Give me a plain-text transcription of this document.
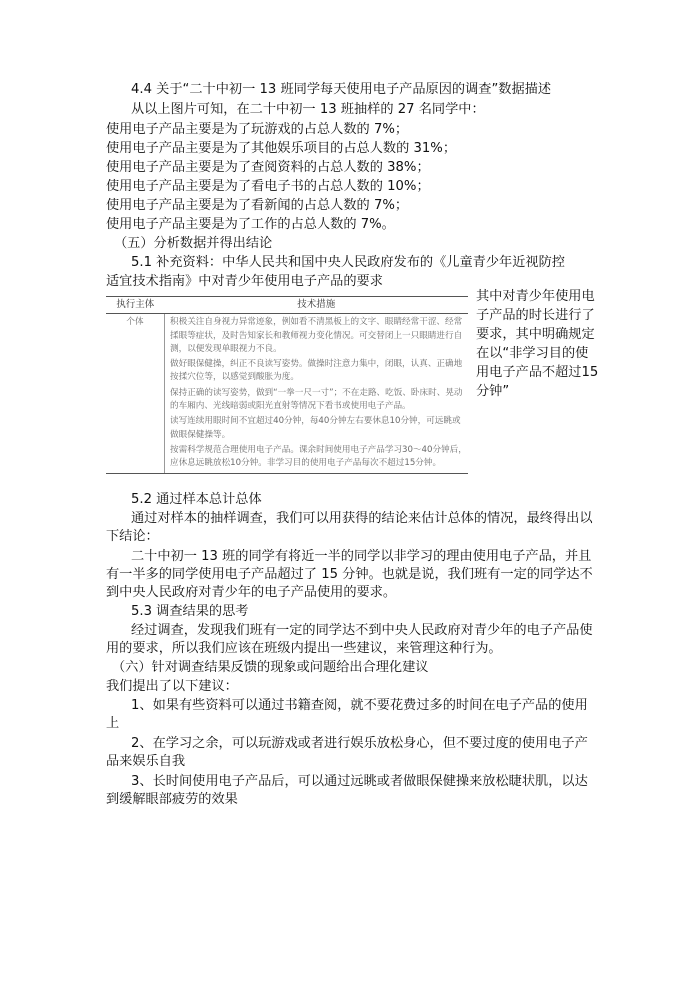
4.4 关于“二十中初一 13 班同学每天使用电子产品原因的调查”数据描述
从以上图片可知，在二十中初一 13 班抽样的 27 名同学中：
使用电子产品主要是为了玩游戏的占总人数的 7%；
使用电子产品主要是为了其他娱乐项目的占总人数的 31%；
使用电子产品主要是为了查阅资料的占总人数的 38%；
使用电子产品主要是为了看电子书的占总人数的 10%；
使用电子产品主要是为了看新闻的占总人数的 7%；
使用电子产品主要是为了工作的占总人数的 7%。
（五）分析数据并得出结论
5.1 补充资料：中华人民共和国中央人民政府发布的《儿童青少年近视防控
适宜技术指南》中对青少年使用电子产品的要求
执行主体	技术措施
个体	积极关注自身视力异常迹象，例如看不清黑板上的文字、眼睛经常干涩、经常揉眼等症状，及时告知家长和教师视力变化情况。可交替闭上一只眼睛进行自测，以便发现单眼视力不良。
做好眼保健操，纠正不良读写姿势。做操时注意力集中，闭眼，认真、正确地按揉穴位等，以感觉到酸胀为度。
保持正确的读写姿势，做到“一拳一尺一寸”；不在走路、吃饭、卧床时、晃动的车厢内、光线暗弱或阳光直射等情况下看书或使用电子产品。
读写连续用眼时间不宜超过40分钟，每40分钟左右要休息10分钟，可远眺或做眼保健操等。
按需科学规范合理使用电子产品。课余时间使用电子产品学习30～40分钟后，应休息远眺放松10分钟。非学习目的使用电子产品每次不超过15分钟。
其中对青少年使用电子产品的时长进行了要求，其中明确规定在以“非学习目的使用电子产品不超过15 分钟”
5.2 通过样本总计总体
通过对样本的抽样调查，我们可以用获得的结论来估计总体的情况，最终得出以下结论：
二十中初一 13 班的同学有将近一半的同学以非学习的理由使用电子产品，并且有一半多的同学使用电子产品超过了 15 分钟。也就是说，我们班有一定的同学达不到中央人民政府对青少年的电子产品使用的要求。
5.3 调查结果的思考
经过调查，发现我们班有一定的同学达不到中央人民政府对青少年的电子产品使用的要求，所以我们应该在班级内提出一些建议，来管理这种行为。
（六）针对调查结果反馈的现象或问题给出合理化建议
我们提出了以下建议：
1、如果有些资料可以通过书籍查阅，就不要花费过多的时间在电子产品的使用上
2、在学习之余，可以玩游戏或者进行娱乐放松身心，但不要过度的使用电子产品来娱乐自我
3、长时间使用电子产品后，可以通过远眺或者做眼保健操来放松睫状肌，以达到缓解眼部疲劳的效果
